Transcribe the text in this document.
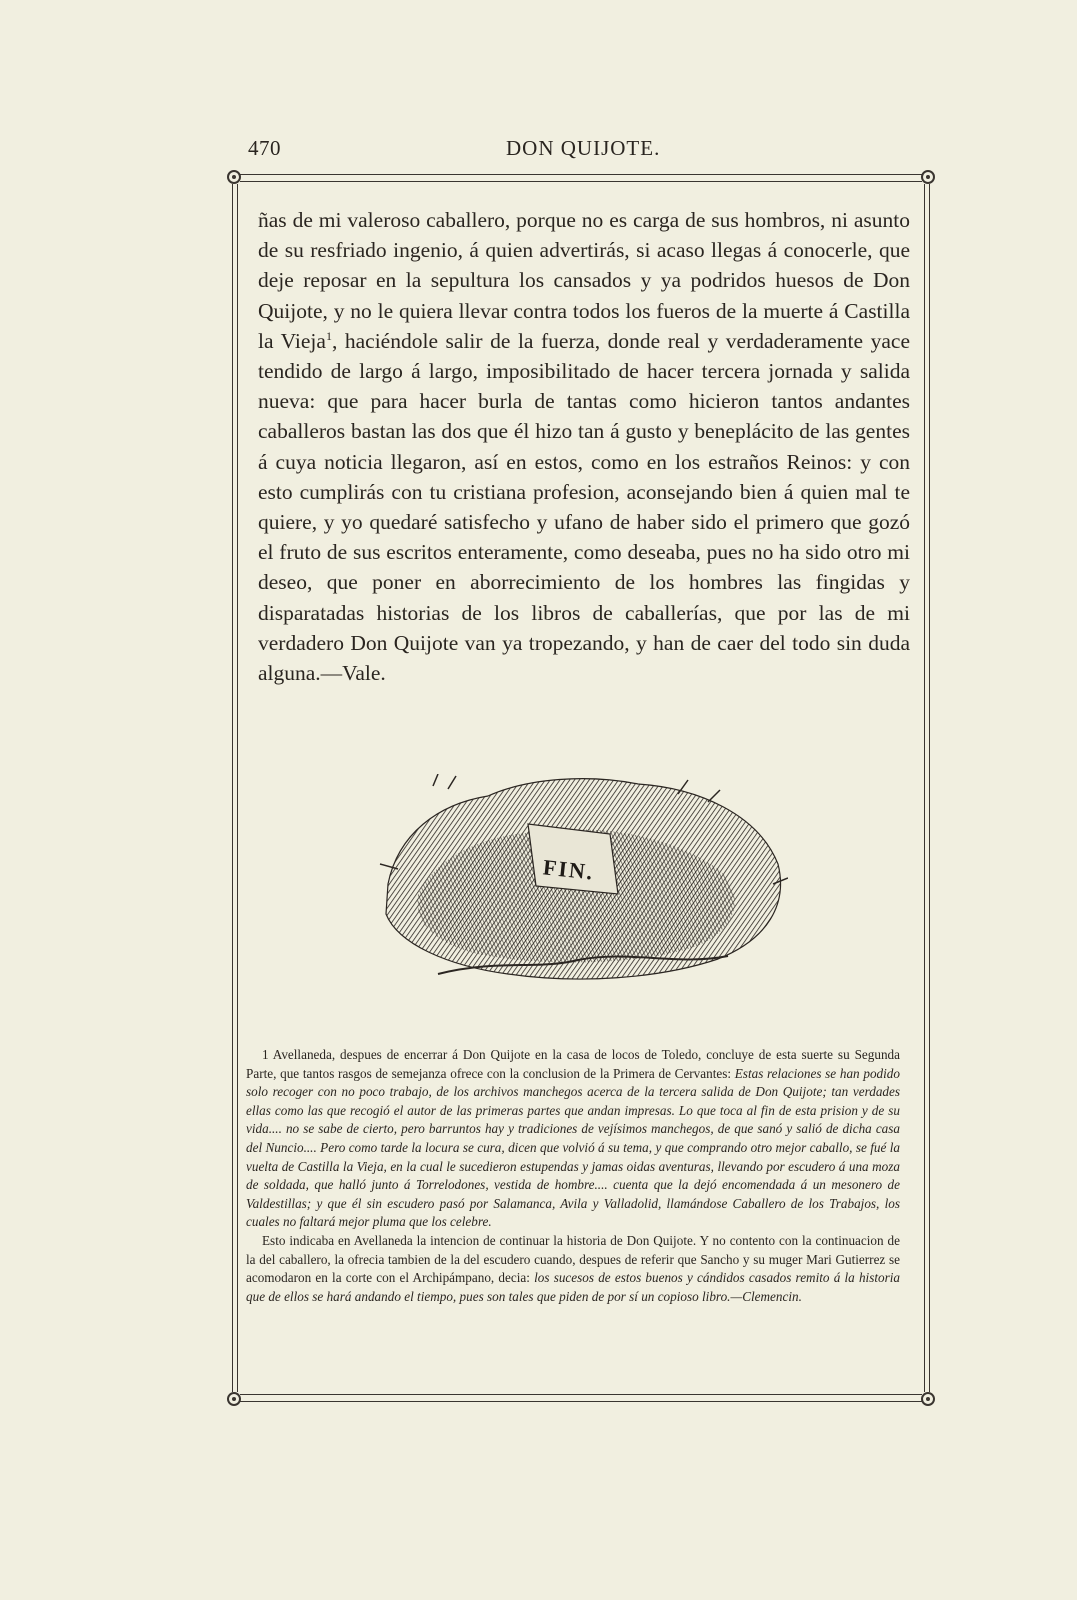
470	DON QUIJOTE.

ñas de mi valeroso caballero, porque no es carga de sus hombros, ni asunto de su resfriado ingenio, á quien advertirás, si acaso llegas á conocerle, que deje reposar en la sepultura los cansados y ya podridos huesos de Don Quijote, y no le quiera llevar contra todos los fueros de la muerte á Castilla la Vieja$^1$, haciéndole salir de la fuerza, donde real y verdaderamente yace tendido de largo á largo, imposibilitado de hacer tercera jornada y salida nueva: que para hacer burla de tantas como hicieron tantos andantes caballeros bastan las dos que él hizo tan á gusto y beneplácito de las gentes á cuya noticia llegaron, así en estos, como en los estraños Reinos: y con esto cumplirás con tu cristiana profesion, aconsejando bien á quien mal te quiere, y yo quedaré satisfecho y ufano de haber sido el primero que gozó el fruto de sus escritos enteramente, como deseaba, pues no ha sido otro mi deseo, que poner en aborrecimiento de los hombres las fingidas y disparatadas historias de los libros de caballerías, que por las de mi verdadero Don Quijote van ya tropezando, y han de caer del todo sin duda alguna.—Vale.

FIN.

1 Avellaneda, despues de encerrar á Don Quijote en la casa de locos de Toledo, concluye de esta suerte su Segunda Parte, que tantos rasgos de semejanza ofrece con la conclusion de la Primera de Cervantes: Estas relaciones se han podido solo recoger con no poco trabajo, de los archivos manchegos acerca de la tercera salida de Don Quijote; tan verdades ellas como las que recogió el autor de las primeras partes que andan impresas. Lo que toca al fin de esta prision y de su vida.... no se sabe de cierto, pero barruntos hay y tradiciones de vejísimos manchegos, de que sanó y salió de dicha casa del Nuncio.... Pero como tarde la locura se cura, dicen que volvió á su tema, y que comprando otro mejor caballo, se fué la vuelta de Castilla la Vieja, en la cual le sucedieron estupendas y jamas oidas aventuras, llevando por escudero á una moza de soldada, que halló junto á Torrelodones, vestida de hombre.... cuenta que la dejó encomendada á un mesonero de Valdestillas; y que él sin escudero pasó por Salamanca, Avila y Valladolid, llamándose Caballero de los Trabajos, los cuales no faltará mejor pluma que los celebre.

Esto indicaba en Avellaneda la intencion de continuar la historia de Don Quijote. Y no contento con la continuacion de la del caballero, la ofrecia tambien de la del escudero cuando, despues de referir que Sancho y su muger Mari Gutierrez se acomodaron en la corte con el Archipámpano, decia: los sucesos de estos buenos y cándidos casados remito á la historia que de ellos se hará andando el tiempo, pues son tales que piden de por sí un copioso libro.—Clemencin.
